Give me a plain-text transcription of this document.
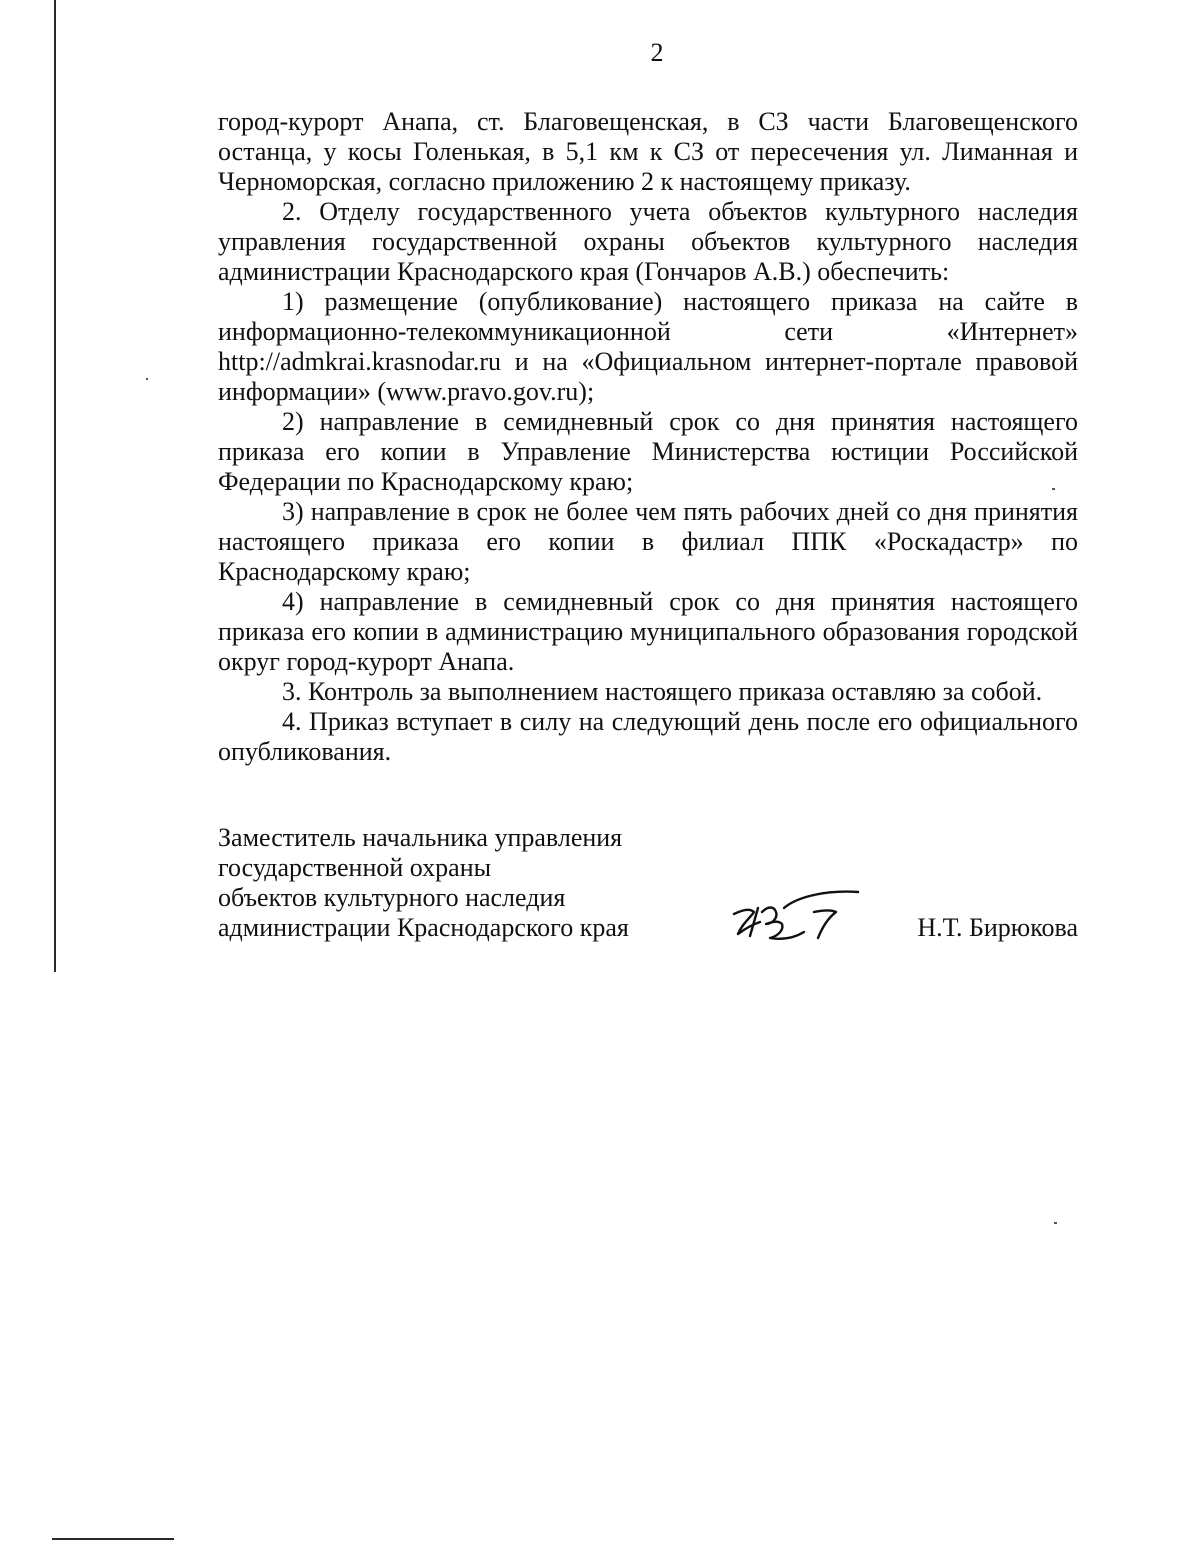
2

город-курорт Анапа, ст. Благовещенская, в СЗ части Благовещенского останца, у косы Голенькая, в 5,1 км к СЗ от пересечения ул. Лиманная и Черноморская, согласно приложению 2 к настоящему приказу.

2. Отделу государственного учета объектов культурного наследия управления государственной охраны объектов культурного наследия администрации Краснодарского края (Гончаров А.В.) обеспечить:

1) размещение (опубликование) настоящего приказа на сайте в информационно-телекоммуникационной сети «Интернет» http://admkrai.krasnodar.ru и на «Официальном интернет-портале правовой информации» (www.pravo.gov.ru);

2) направление в семидневный срок со дня принятия настоящего приказа его копии в Управление Министерства юстиции Российской Федерации по Краснодарскому краю;

3) направление в срок не более чем пять рабочих дней со дня принятия настоящего приказа его копии в филиал ППК «Роскадастр» по Краснодарскому краю;

4) направление в семидневный срок со дня принятия настоящего приказа его копии в администрацию муниципального образования городской округ город-курорт Анапа.

3. Контроль за выполнением настоящего приказа оставляю за собой.

4. Приказ вступает в силу на следующий день после его официального опубликования.

Заместитель начальника управления
государственной охраны
объектов культурного наследия
администрации Краснодарского края	Н.Т. Бирюкова
